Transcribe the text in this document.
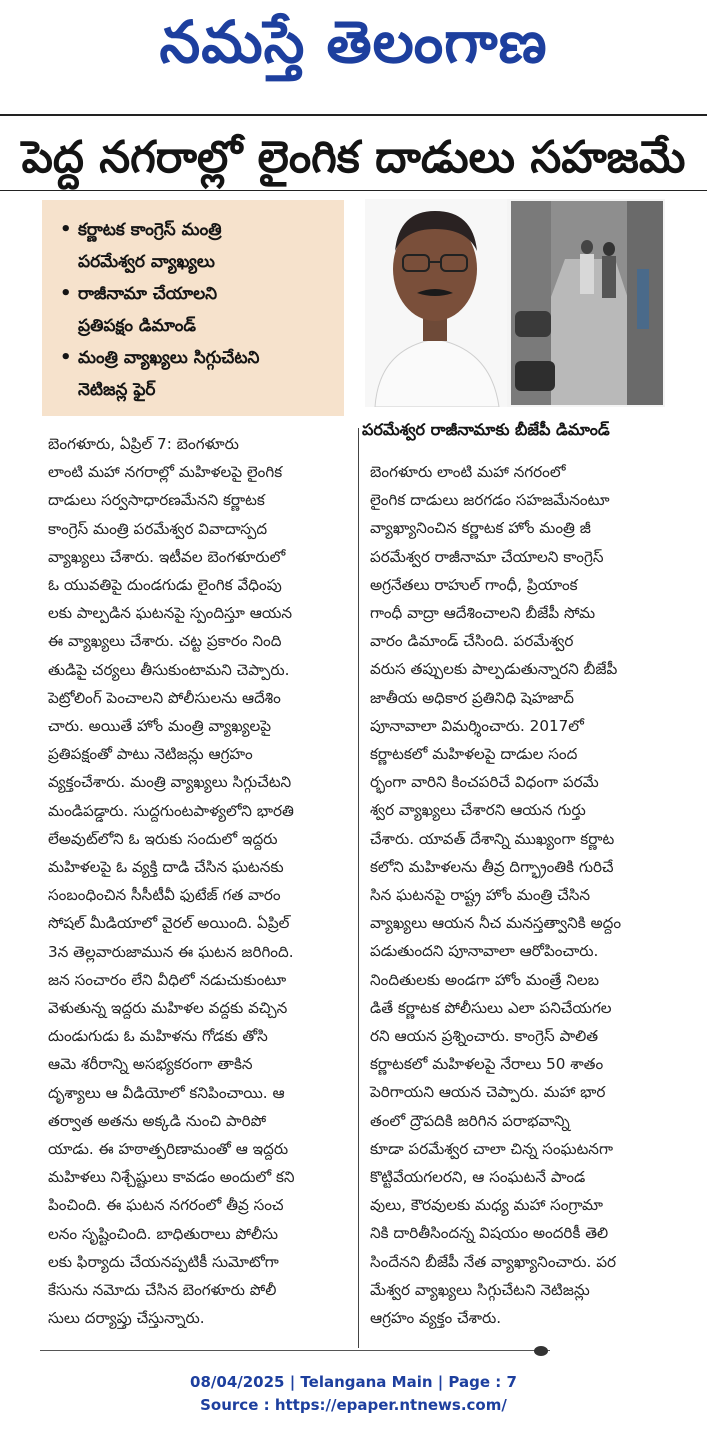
నమస్తే తెలంగాణ
పెద్ద నగరాల్లో లైంగిక దాడులు సహజమే
• కర్ణాటక కాంగ్రెస్ మంత్రి
పరమేశ్వర వ్యాఖ్యలు
• రాజీనామా చేయాలని
ప్రతిపక్షం డిమాండ్
• మంత్రి వ్యాఖ్యలు సిగ్గుచేటని
నెటిజన్ల ఫైర్
పరమేశ్వర రాజీనామాకు బీజేపీ డిమాండ్
బెంగళూరు, ఏప్రిల్ 7: బెంగళూరు
లాంటి మహా నగరాల్లో మహిళలపై లైంగిక
దాడులు సర్వసాధారణమేనని కర్ణాటక
కాంగ్రెస్ మంత్రి పరమేశ్వర వివాదాస్పద
వ్యాఖ్యలు చేశారు. ఇటీవల బెంగళూరులో
ఓ యువతిపై దుండగుడు లైంగిక వేధింపు
లకు పాల్పడిన ఘటనపై స్పందిస్తూ ఆయన
ఈ వ్యాఖ్యలు చేశారు. చట్ట ప్రకారం నింది
తుడిపై చర్యలు తీసుకుంటామని చెప్పారు.
పెట్రోలింగ్ పెంచాలని పోలీసులను ఆదేశిం
చారు. అయితే హోం మంత్రి వ్యాఖ్యలపై
ప్రతిపక్షంతో పాటు నెటిజన్లు ఆగ్రహం
వ్యక్తంచేశారు. మంత్రి వ్యాఖ్యలు సిగ్గుచేటని
మండిపడ్డారు. సుద్దగుంటపాళ్యలోని భారతి
లేఅవుట్‌లోని ఓ ఇరుకు సందులో ఇద్దరు
మహిళలపై ఓ వ్యక్తి దాడి చేసిన ఘటనకు
సంబంధించిన సీసీటీవీ ఫుటేజ్ గత వారం
సోషల్ మీడియాలో వైరల్ అయింది. ఏప్రిల్
3న తెల్లవారుజామున ఈ ఘటన జరిగింది.
జన సంచారం లేని వీధిలో నడుచుకుంటూ
వెళుతున్న ఇద్దరు మహిళల వద్దకు వచ్చిన
దుండుగుడు ఓ మహిళను గోడకు తోసి
ఆమె శరీరాన్ని అసభ్యకరంగా తాకిన
దృశ్యాలు ఆ వీడియోలో కనిపించాయి. ఆ
తర్వాత అతను అక్కడి నుంచి పారిపో
యాడు. ఈ హఠాత్పరిణామంతో ఆ ఇద్దరు
మహిళలు నిశ్చేష్టులు కావడం అందులో కని
పించింది. ఈ ఘటన నగరంలో తీవ్ర సంచ
లనం సృష్టించింది. బాధితురాలు పోలీసు
లకు ఫిర్యాదు చేయనప్పటికీ సుమోటోగా
కేసును నమోదు చేసిన బెంగళూరు పోలీ
సులు దర్యాప్తు చేస్తున్నారు.
బెంగళూరు లాంటి మహా నగరంలో
లైంగిక దాడులు జరగడం సహజమేనంటూ
వ్యాఖ్యానించిన కర్ణాటక హోం మంత్రి జీ
పరమేశ్వర రాజీనామా చేయాలని కాంగ్రెస్
అగ్రనేతలు రాహుల్ గాంధీ, ప్రియాంక
గాంధీ వాద్రా ఆదేశించాలని బీజేపీ సోమ
వారం డిమాండ్ చేసింది. పరమేశ్వర
వరుస తప్పులకు పాల్పడుతున్నారని బీజేపీ
జాతీయ అధికార ప్రతినిధి షెహజాద్
పూనావాలా విమర్శించారు. 2017లో
కర్ణాటకలో మహిళలపై దాడుల సంద
ర్భంగా వారిని కించపరిచే విధంగా పరమే
శ్వర వ్యాఖ్యలు చేశారని ఆయన గుర్తు
చేశారు. యావత్ దేశాన్ని ముఖ్యంగా కర్ణాట
కలోని మహిళలను తీవ్ర దిగ్భ్రాంతికి గురిచే
సిన ఘటనపై రాష్ట్ర హోం మంత్రి చేసిన
వ్యాఖ్యలు ఆయన నీచ మనస్తత్వానికి అద్దం
పడుతుందని పూనావాలా ఆరోపించారు.
నిందితులకు అండగా హోం మంత్రే నిలబ
డితే కర్ణాటక పోలీసులు ఎలా పనిచేయగల
రని ఆయన ప్రశ్నించారు. కాంగ్రెస్ పాలిత
కర్ణాటకలో మహిళలపై నేరాలు 50 శాతం
పెరిగాయని ఆయన చెప్పారు. మహా భార
తంలో ద్రౌపదికి జరిగిన పరాభవాన్ని
కూడా పరమేశ్వర చాలా చిన్న సంఘటనగా
కొట్టివేయగలరని, ఆ సంఘటనే పాండ
వులు, కౌరవులకు మధ్య మహా సంగ్రామా
నికి దారితీసిందన్న విషయం అందరికీ తెలి
సిందేనని బీజేపీ నేత వ్యాఖ్యానించారు. పర
మేశ్వర వ్యాఖ్యలు సిగ్గుచేటని నెటిజన్లు
ఆగ్రహం వ్యక్తం చేశారు.
08/04/2025 | Telangana Main | Page : 7
Source : https://epaper.ntnews.com/
